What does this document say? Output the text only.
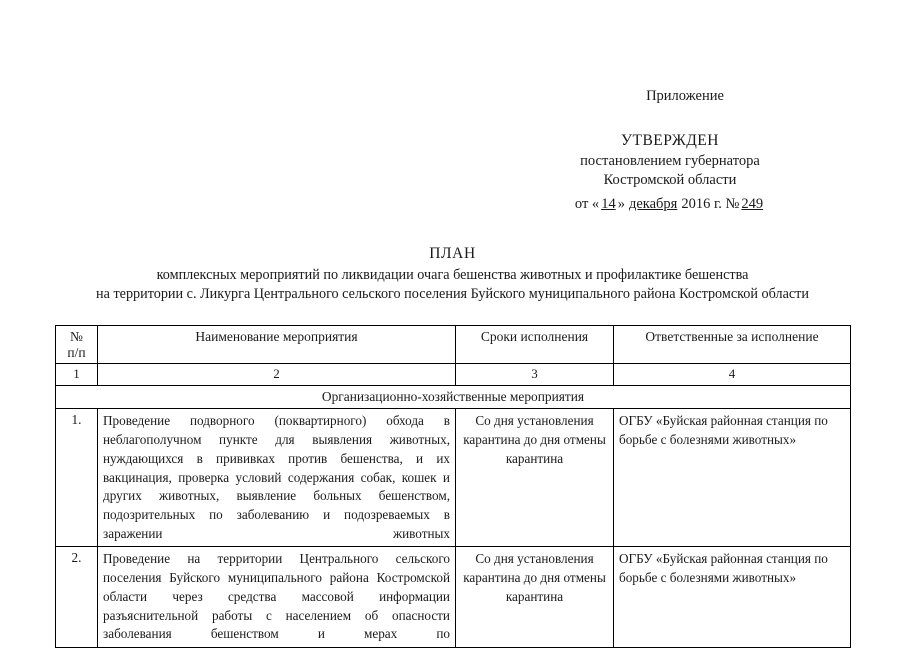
Приложение
УТВЕРЖДЕН
постановлением губернатора
Костромской области
от « 14 » декабря 2016 г. № 249
ПЛАН
комплексных мероприятий по ликвидации очага бешенства животных и профилактике бешенства
на территории с. Ликурга Центрального сельского поселения Буйского муниципального района Костромской области
№
п/п	Наименование мероприятия	Сроки исполнения	Ответственные за исполнение
1	2	3	4
Организационно-хозяйственные мероприятия			
1.	Проведение подворного (поквартирного) обхода в неблагополучном пункте для выявления животных, нуждающихся в прививках против бешенства, и их вакцинация, проверка условий содержания собак, кошек и других животных, выявление больных бешенством, подозрительных по заболеванию и подозреваемых в заражении животных	Со дня установления карантина до дня отмены карантина	ОГБУ «Буйская районная станция по борьбе с болезнями животных»
2.	Проведение на территории Центрального сельского поселения Буйского муниципального района Костромской области через средства массовой информации разъяснительной работы с населением об опасности заболевания бешенством и мерах по	Со дня установления карантина до дня отмены карантина	ОГБУ «Буйская районная станция по борьбе с болезнями животных»
